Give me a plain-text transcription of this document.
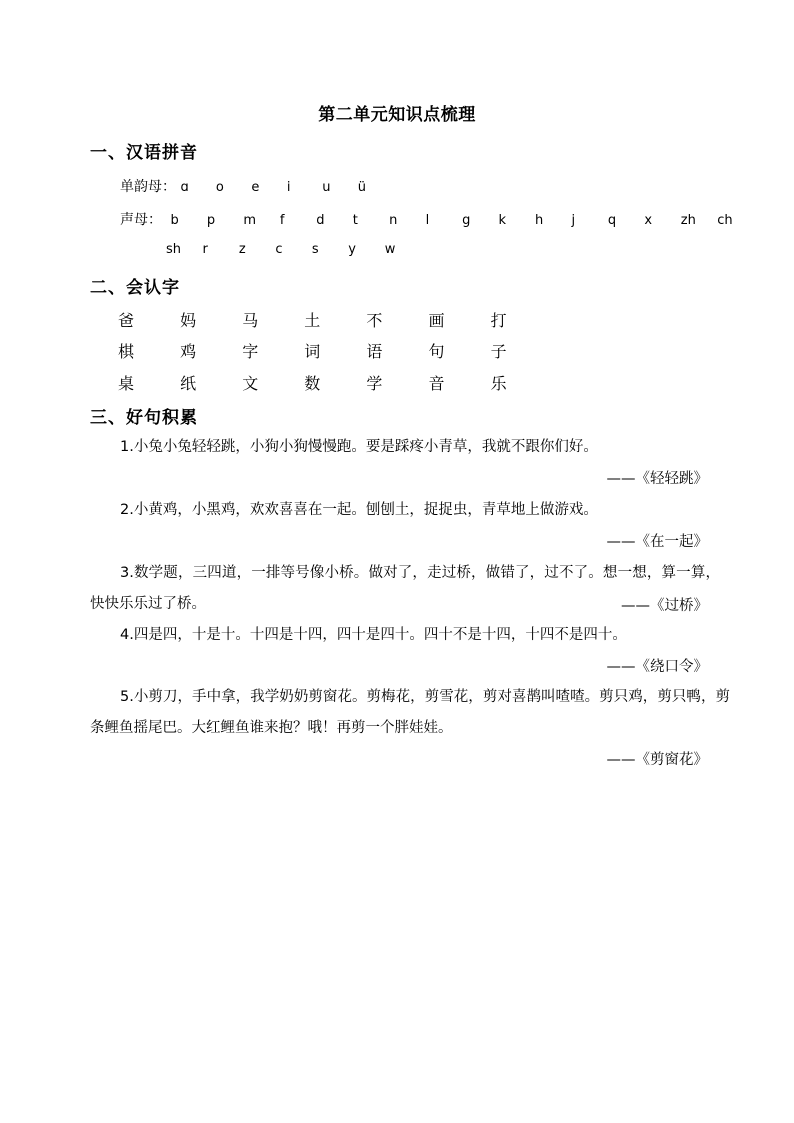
第二单元知识点梳理
一、汉语拼音
单韵母： ɑ o e i u ü
声母： b p m f d t n l	g k h j	q x zh ch
sh r z c s y w
二、会认字
爸	妈	马	土	不	画	打
棋	鸡	字	词	语	句	子
桌	纸	文	数	学	音	乐
三、好句积累
1.小兔小兔轻轻跳，小狗小狗慢慢跑。要是踩疼小青草，我就不跟你们好。
——《轻轻跳》
2.小黄鸡，小黑鸡，欢欢喜喜在一起。刨刨土，捉捉虫，青草地上做游戏。
——《在一起》
3.数学题，三四道，一排等号像小桥。做对了，走过桥，做错了，过不了。想一想，算一算，快快乐乐过了桥。	——《过桥》
4.四是四，十是十。十四是十四，四十是四十。四十不是十四，十四不是四十。
——《绕口令》
5.小剪刀，手中拿，我学奶奶剪窗花。剪梅花，剪雪花，剪对喜鹊叫喳喳。剪只鸡，剪只鸭，剪条鲤鱼摇尾巴。大红鲤鱼谁来抱？哦！再剪一个胖娃娃。
——《剪窗花》
